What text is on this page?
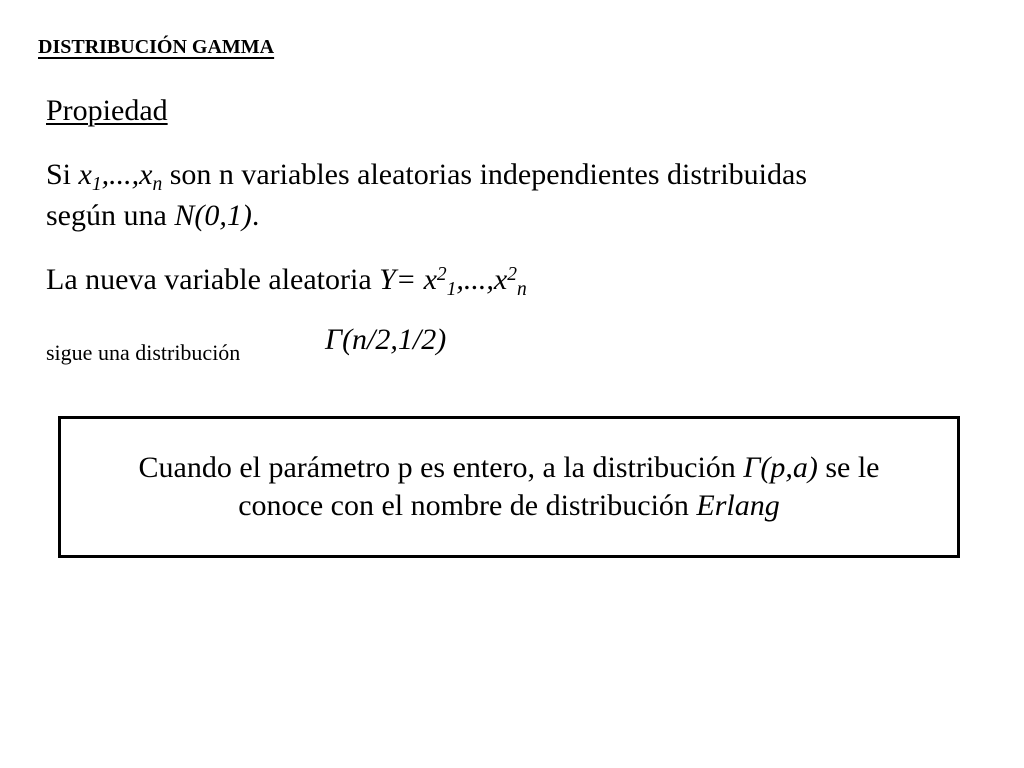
DISTRIBUCIÓN GAMMA
Propiedad
Si $x_1,...,x_n$ son n variables aleatorias independientes distribuidas
según una N(0,1).
La nueva variable aleatoria $Y= x^2_1,...,x^2_n$
sigue una distribución	Γ(n/2,1/2)
Cuando el parámetro p es entero, a la distribución Γ(p,a) se le
conoce con el nombre de distribución Erlang
